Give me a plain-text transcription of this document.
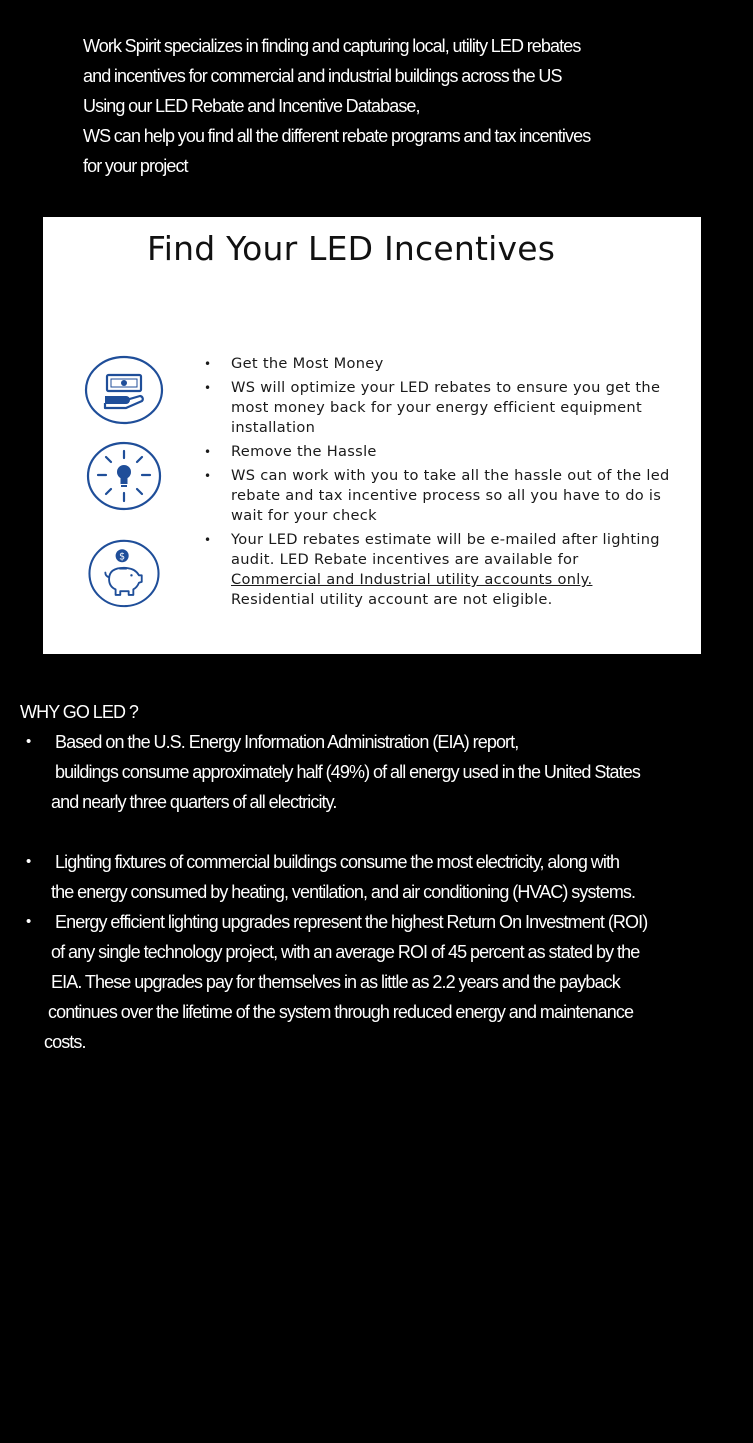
Work Spirit specializes in finding and capturing local, utility LED rebates
and incentives for commercial and industrial buildings across the US
Using our LED Rebate and Incentive Database,
WS can help you find all the different rebate programs and tax incentives
for your project
Find Your LED Incentives
$
• Get the Most Money
• WS will optimize your LED rebates to ensure you get the most money back for your energy efficient equipment installation
• Remove the Hassle
• WS can work with you to take all the hassle out of the led rebate and tax incentive process so all you have to do is wait for your check
• Your LED rebates estimate will be e-mailed after lighting audit. LED Rebate incentives are available for Commercial and Industrial utility accounts only. Residential utility account are not eligible.
WHY GO LED ?
• Based on the U.S. Energy Information Administration (EIA) report,
buildings consume approximately half (49%) of all energy used in the United States
and nearly three quarters of all electricity.
• Lighting fixtures of commercial buildings consume the most electricity, along with
the energy consumed by heating, ventilation, and air conditioning (HVAC) systems.
• Energy efficient lighting upgrades represent the highest Return On Investment (ROI)
of any single technology project, with an average ROI of 45 percent as stated by the
EIA. These upgrades pay for themselves in as little as 2.2 years and the payback
continues over the lifetime of the system through reduced energy and maintenance
costs.
